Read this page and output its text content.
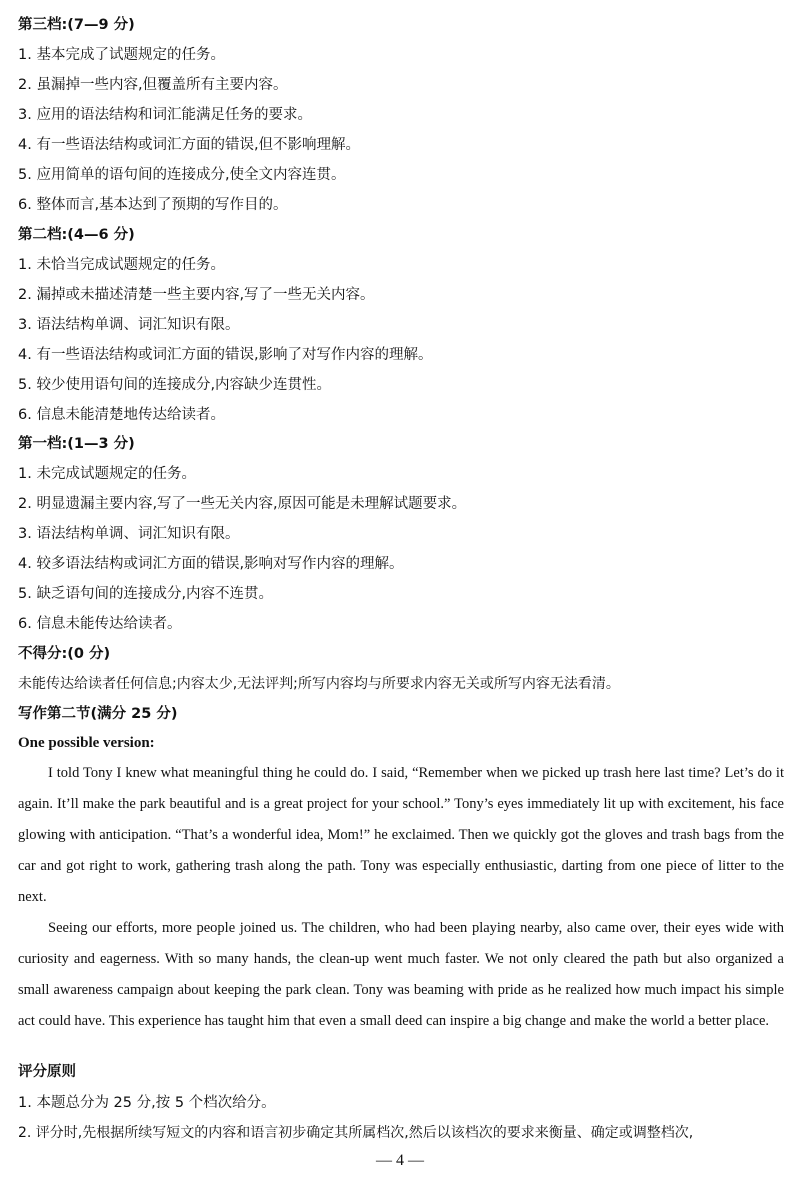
第三档:(7—9 分)
1. 基本完成了试题规定的任务。
2. 虽漏掉一些内容,但覆盖所有主要内容。
3. 应用的语法结构和词汇能满足任务的要求。
4. 有一些语法结构或词汇方面的错误,但不影响理解。
5. 应用简单的语句间的连接成分,使全文内容连贯。
6. 整体而言,基本达到了预期的写作目的。
第二档:(4—6 分)
1. 未恰当完成试题规定的任务。
2. 漏掉或未描述清楚一些主要内容,写了一些无关内容。
3. 语法结构单调、词汇知识有限。
4. 有一些语法结构或词汇方面的错误,影响了对写作内容的理解。
5. 较少使用语句间的连接成分,内容缺少连贯性。
6. 信息未能清楚地传达给读者。
第一档:(1—3 分)
1. 未完成试题规定的任务。
2. 明显遗漏主要内容,写了一些无关内容,原因可能是未理解试题要求。
3. 语法结构单调、词汇知识有限。
4. 较多语法结构或词汇方面的错误,影响对写作内容的理解。
5. 缺乏语句间的连接成分,内容不连贯。
6. 信息未能传达给读者。
不得分:(0 分)
未能传达给读者任何信息;内容太少,无法评判;所写内容均与所要求内容无关或所写内容无法看清。
写作第二节(满分 25 分)
One possible version:

I told Tony I knew what meaningful thing he could do. I said, “Remember when we picked up trash here last time? Let’s do it again. It’ll make the park beautiful and is a great project for your school.” Tony’s eyes immediately lit up with excitement, his face glowing with anticipation. “That’s a wonderful idea, Mom!” he exclaimed. Then we quickly got the gloves and trash bags from the car and got right to work, gathering trash along the path. Tony was especially enthusiastic, darting from one piece of litter to the next.

Seeing our efforts, more people joined us. The children, who had been playing nearby, also came over, their eyes wide with curiosity and eagerness. With so many hands, the clean-up went much faster. We not only cleared the path but also organized a small awareness campaign about keeping the park clean. Tony was beaming with pride as he realized how much impact his simple act could have. This experience has taught him that even a small deed can inspire a big change and make the world a better place.

评分原则
1. 本题总分为 25 分,按 5 个档次给分。
2. 评分时,先根据所续写短文的内容和语言初步确定其所属档次,然后以该档次的要求来衡量、确定或调整档次,
— 4 —
